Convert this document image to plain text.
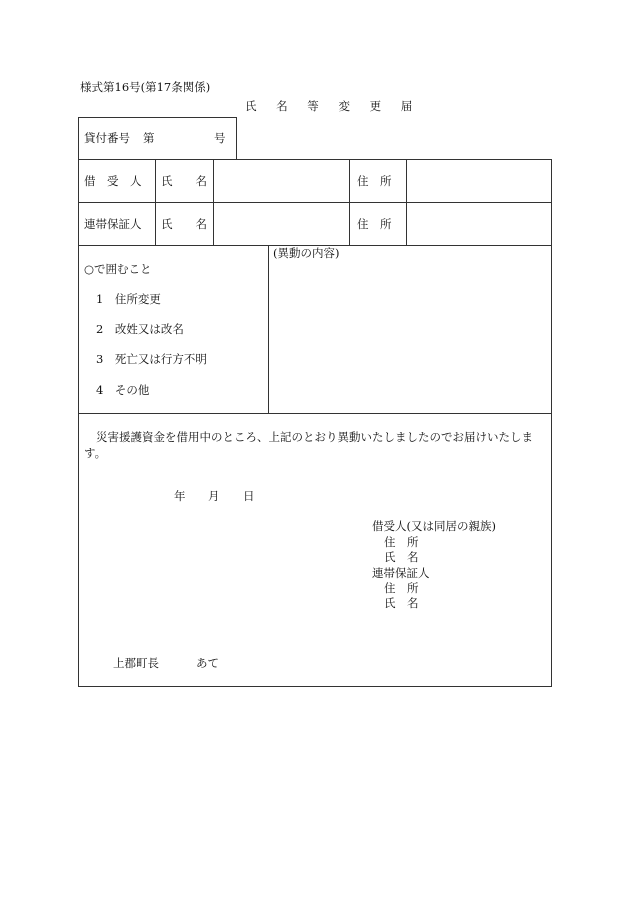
様式第16号(第17条関係)
氏 名 等 変 更 届
貸付番号 第	号
借　受　人 氏　　名	住　所
連帯保証人 氏　　名	住　所
(異動の内容)
○で囲むこと
1　住所変更
2　改姓又は改名
3　死亡又は行方不明
4　その他
災害援護資金を借用中のところ、上記のとおり異動いたしましたのでお届けいたしま
す。
年 月 日
借受人(又は同居の親族)
住　所
氏　名
連帯保証人
住　所
氏　名
上郡町長	あて
